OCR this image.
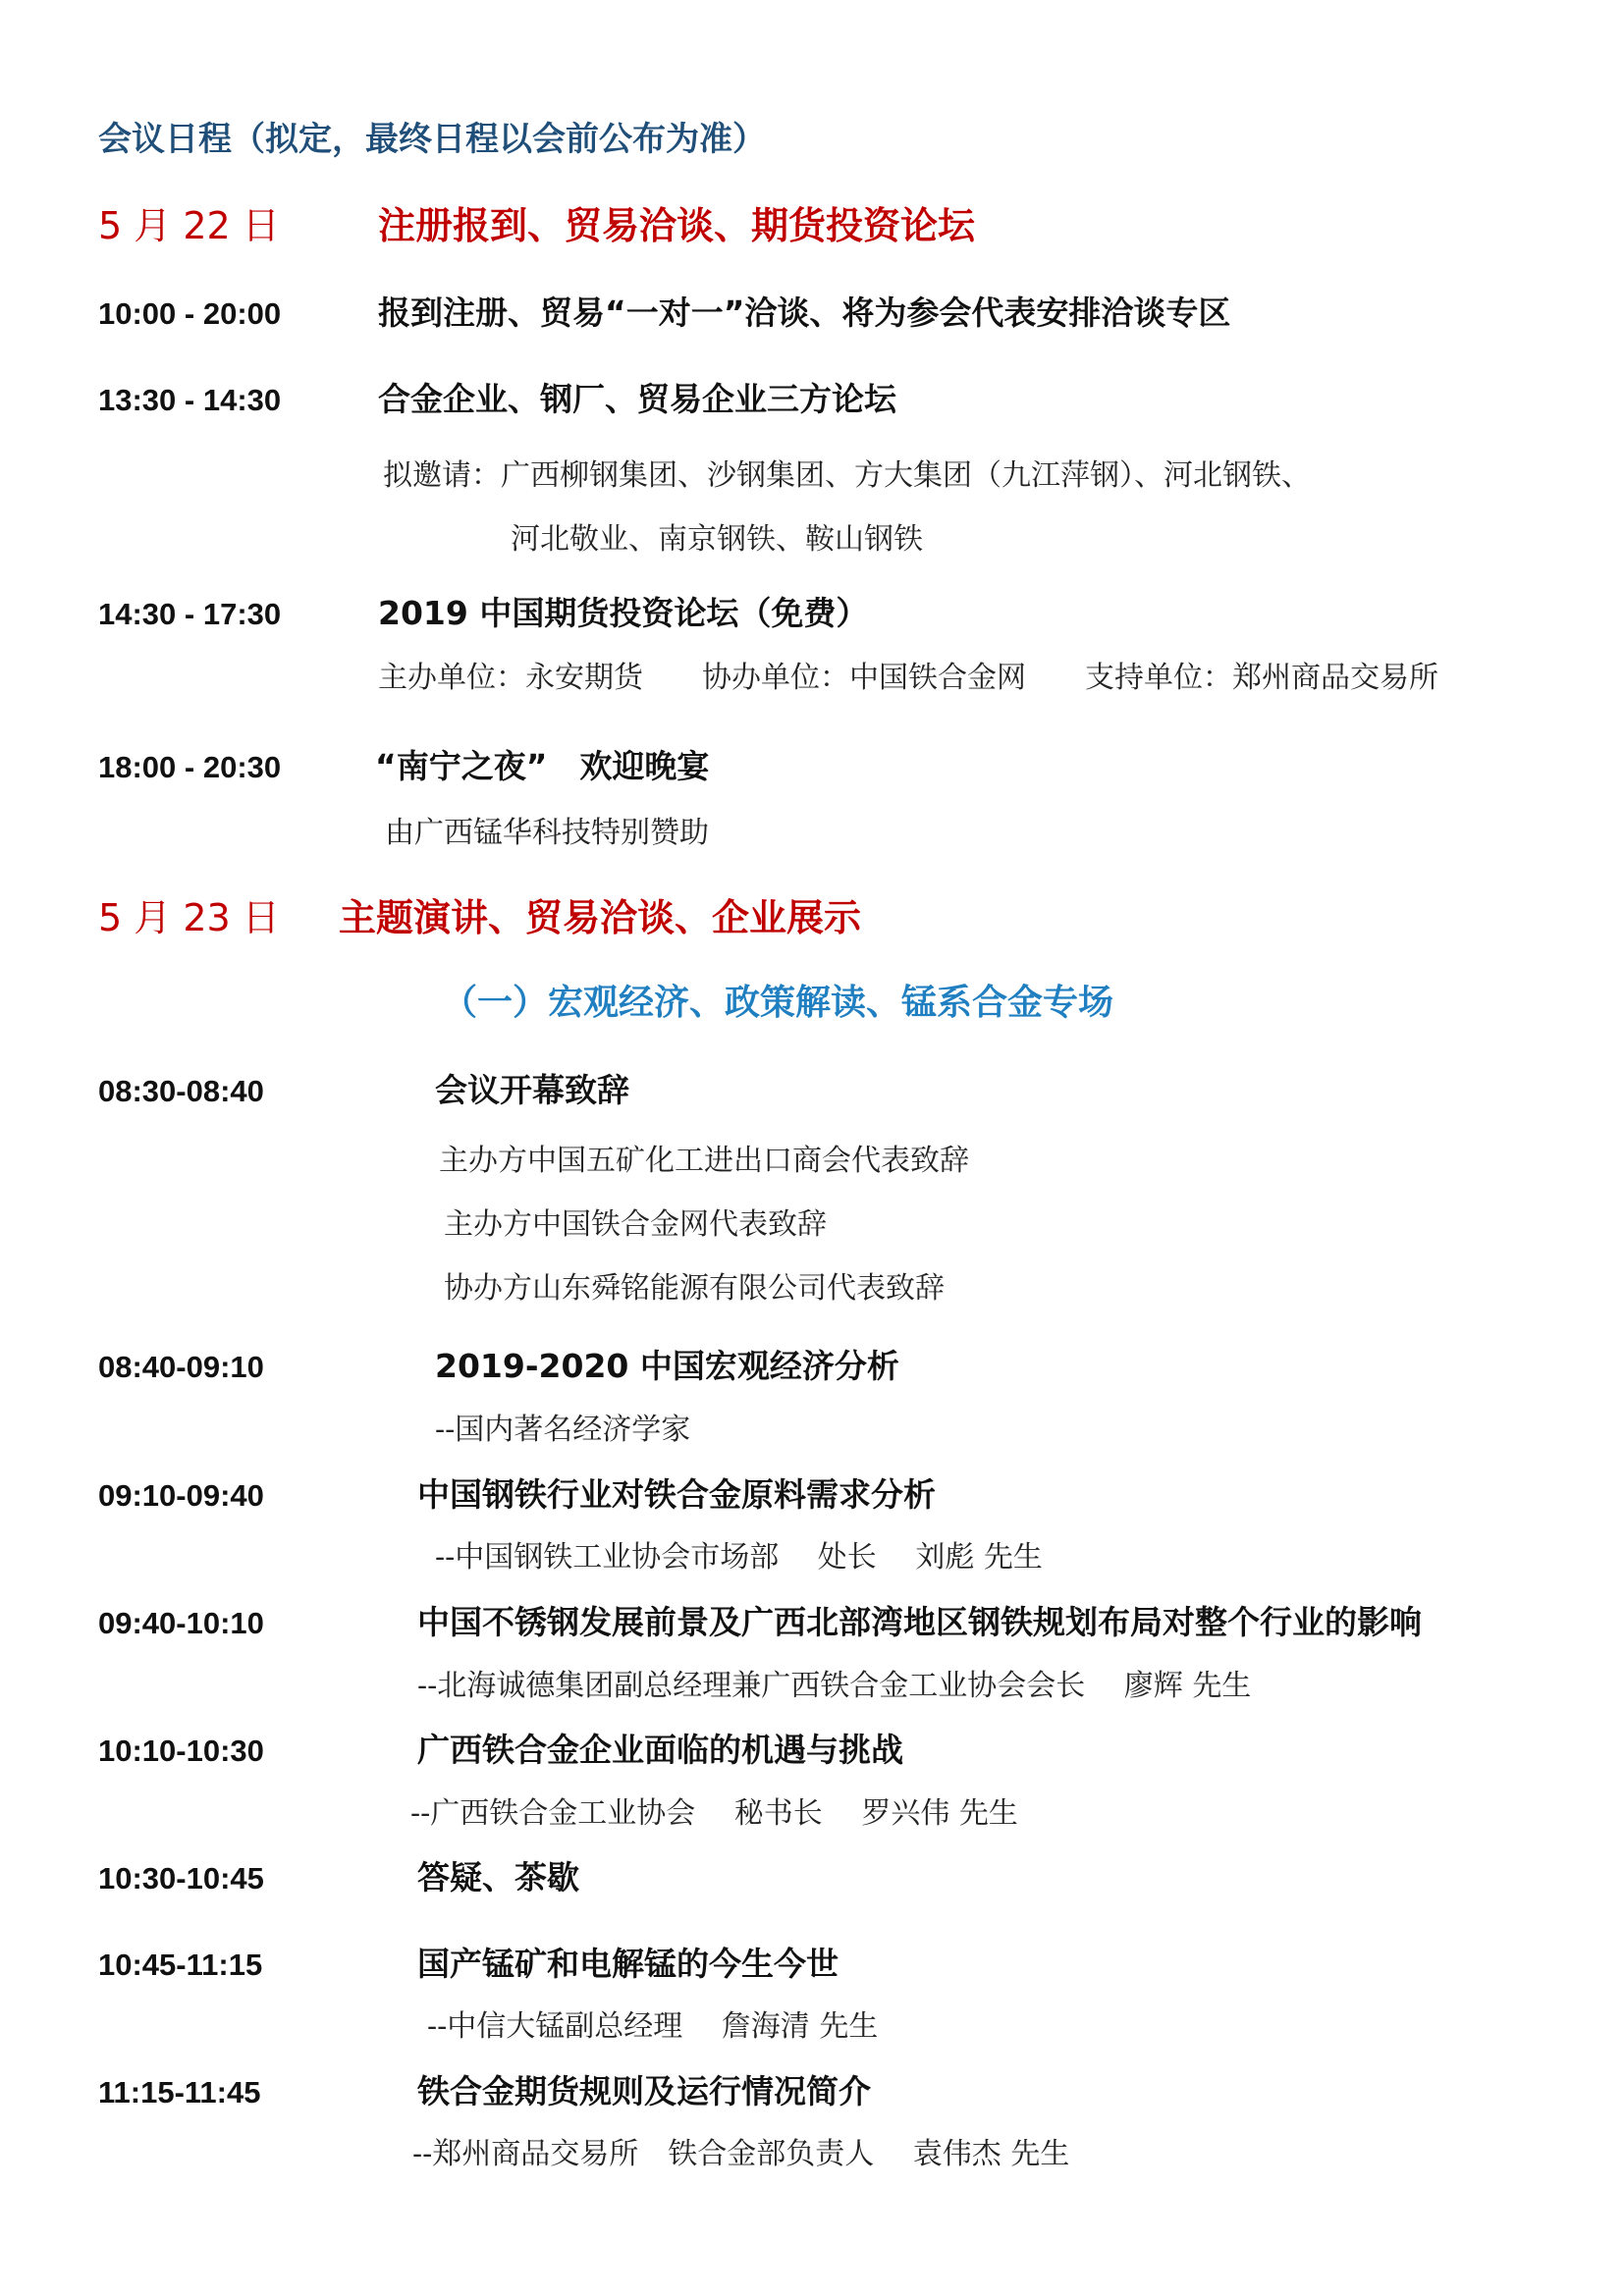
会议日程（拟定，最终日程以会前公布为准）
5 月 22 日	注册报到、贸易洽谈、期货投资论坛
10:00 - 20:00	报到注册、贸易“一对一”洽谈、将为参会代表安排洽谈专区
13:30 - 14:30	合金企业、钢厂、贸易企业三方论坛
拟邀请：广西柳钢集团、沙钢集团、方大集团（九江萍钢）、河北钢铁、
河北敬业、南京钢铁、鞍山钢铁
14:30 - 17:30	2019 中国期货投资论坛（免费）
主办单位：永安期货　　协办单位：中国铁合金网　　支持单位：郑州商品交易所
18:00 - 20:30	“南宁之夜”　欢迎晚宴
由广西锰华科技特别赞助
5 月 23 日 主题演讲、贸易洽谈、企业展示
（一）宏观经济、政策解读、锰系合金专场
08:30-08:40	会议开幕致辞
主办方中国五矿化工进出口商会代表致辞
主办方中国铁合金网代表致辞
协办方山东舜铭能源有限公司代表致辞
08:40-09:10	2019-2020 中国宏观经济分析
--国内著名经济学家
09:10-09:40	中国钢铁行业对铁合金原料需求分析
--中国钢铁工业协会市场部　 处长　 刘彪 先生
09:40-10:10	中国不锈钢发展前景及广西北部湾地区钢铁规划布局对整个行业的影响
--北海诚德集团副总经理兼广西铁合金工业协会会长　 廖辉 先生
10:10-10:30	广西铁合金企业面临的机遇与挑战
--广西铁合金工业协会　 秘书长　 罗兴伟 先生
10:30-10:45	答疑、茶歇
10:45-11:15	国产锰矿和电解锰的今生今世
--中信大锰副总经理　 詹海清 先生
11:15-11:45	铁合金期货规则及运行情况简介
--郑州商品交易所　铁合金部负责人　 袁伟杰 先生
